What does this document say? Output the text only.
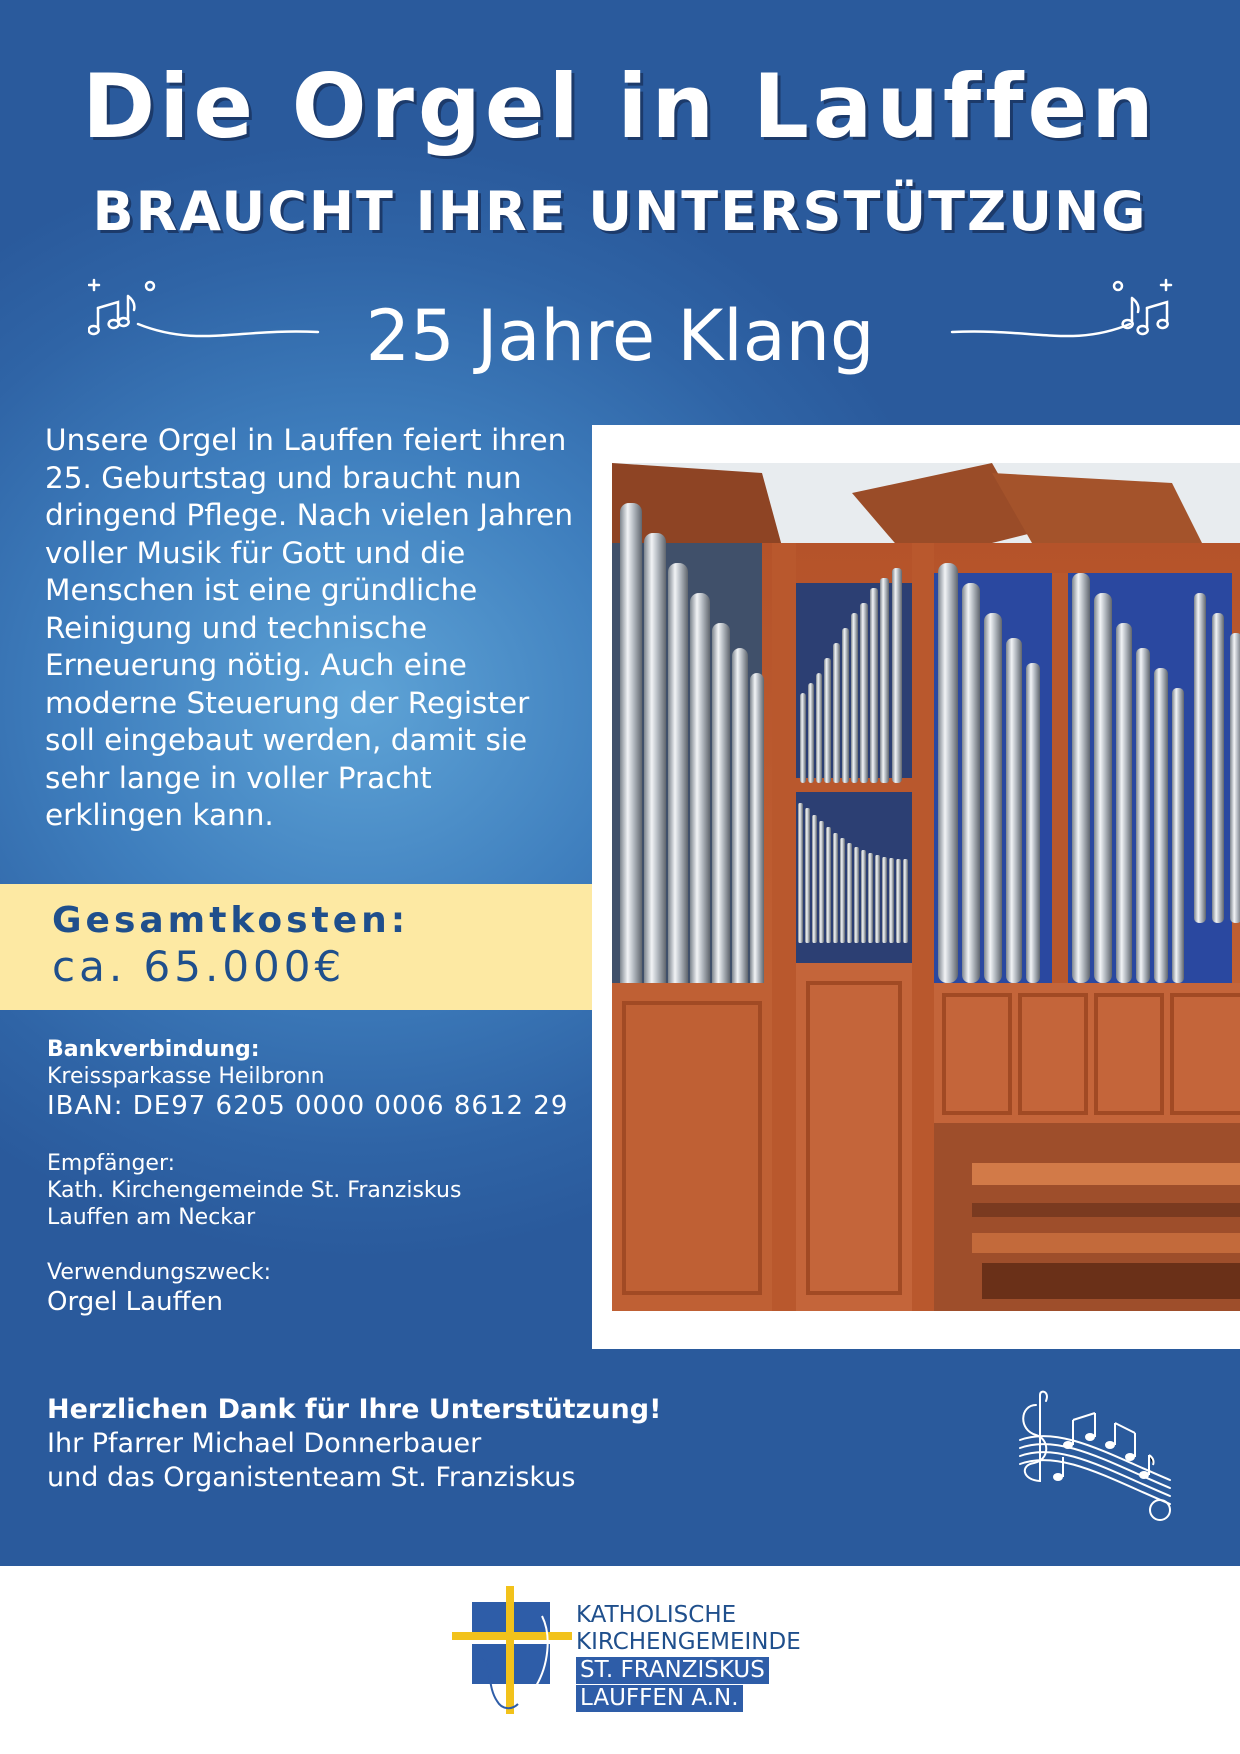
Die Orgel in Lauffen
BRAUCHT IHRE UNTERSTÜTZUNG
25 Jahre Klang
Unsere Orgel in Lauffen feiert ihren 25. Geburtstag und braucht nun dringend Pflege. Nach vielen Jahren voller Musik für Gott und die Menschen ist eine gründliche Reinigung und technische Erneuerung nötig. Auch eine moderne Steuerung der Register soll eingebaut werden, damit sie sehr lange in voller Pracht erklingen kann.
Gesamtkosten:
ca. 65.000€
Bankverbindung:
Kreissparkasse Heilbronn
IBAN: DE97 6205 0000 0006 8612 29
Empfänger:
Kath. Kirchengemeinde St. Franziskus
Lauffen am Neckar
Verwendungszweck:
Orgel Lauffen
Herzlichen Dank für Ihre Unterstützung!
Ihr Pfarrer Michael Donnerbauer
und das Organistenteam St. Franziskus
KATHOLISCHE
KIRCHENGEMEINDE
ST. FRANZISKUS
LAUFFEN A.N.
